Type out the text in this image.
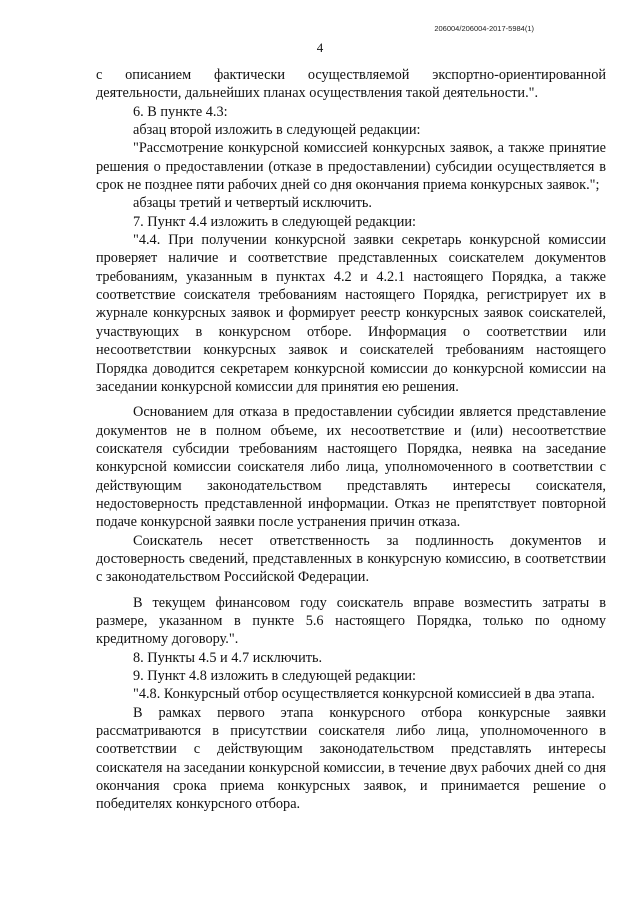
206004/206004-2017-5984(1)
4

с описанием фактически осуществляемой экспортно-ориентированной деятельности, дальнейших планах осуществления такой деятельности.".

6. В пункте 4.3:

абзац второй изложить в следующей редакции:

"Рассмотрение конкурсной комиссией конкурсных заявок, а также принятие решения о предоставлении (отказе в предоставлении) субсидии осуществляется в срок не позднее пяти рабочих дней со дня окончания приема конкурсных заявок.";

абзацы третий и четвертый исключить.

7. Пункт 4.4 изложить в следующей редакции:

"4.4. При получении конкурсной заявки секретарь конкурсной комиссии проверяет наличие и соответствие представленных соискателем документов требованиям, указанным в пунктах 4.2 и 4.2.1 настоящего Порядка, а также соответствие соискателя требованиям настоящего Порядка, регистрирует их в журнале конкурсных заявок и формирует реестр конкурсных заявок соискателей, участвующих в конкурсном отборе. Информация о соответствии или несоответствии конкурсных заявок и соискателей требованиям настоящего Порядка доводится секретарем конкурсной комиссии до конкурсной комиссии на заседании конкурсной комиссии для принятия ею решения.

Основанием для отказа в предоставлении субсидии является представление документов не в полном объеме, их несоответствие и (или) несоответствие соискателя субсидии требованиям настоящего Порядка, неявка на заседание конкурсной комиссии соискателя либо лица, уполномоченного в соответствии с действующим законодательством представлять интересы соискателя, недостоверность представленной информации. Отказ не препятствует повторной подаче конкурсной заявки после устранения причин отказа.

Соискатель несет ответственность за подлинность документов и достоверность сведений, представленных в конкурсную комиссию, в соответствии с законодательством Российской Федерации.

В текущем финансовом году соискатель вправе возместить затраты в размере, указанном в пункте 5.6 настоящего Порядка, только по одному кредитному договору.".

8. Пункты 4.5 и 4.7 исключить.

9. Пункт 4.8 изложить в следующей редакции:

"4.8. Конкурсный отбор осуществляется конкурсной комиссией в два этапа.

В рамках первого этапа конкурсного отбора конкурсные заявки рассматриваются в присутствии соискателя либо лица, уполномоченного в соответствии с действующим законодательством представлять интересы соискателя на заседании конкурсной комиссии, в течение двух рабочих дней со дня окончания срока приема конкурсных заявок, и принимается решение о победителях конкурсного отбора.
